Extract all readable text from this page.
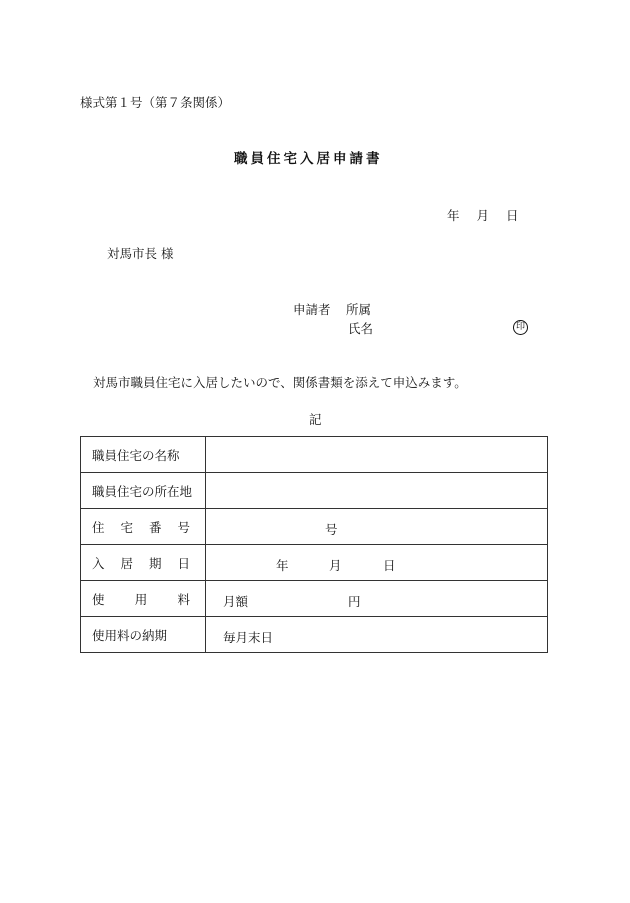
様式第１号（第７条関係）
職員住宅入居申請書
年 月 日
対馬市長 様
申請者 所属
氏名	印
対馬市職員住宅に入居したいので、関係書類を添えて申込みます。
記
職員住宅の名称	
職員住宅の所在地	

住 宅 番 号	号

入 居 期 日	年 月 日

使 用 料	月額 円

使用料の納期	毎月末日
